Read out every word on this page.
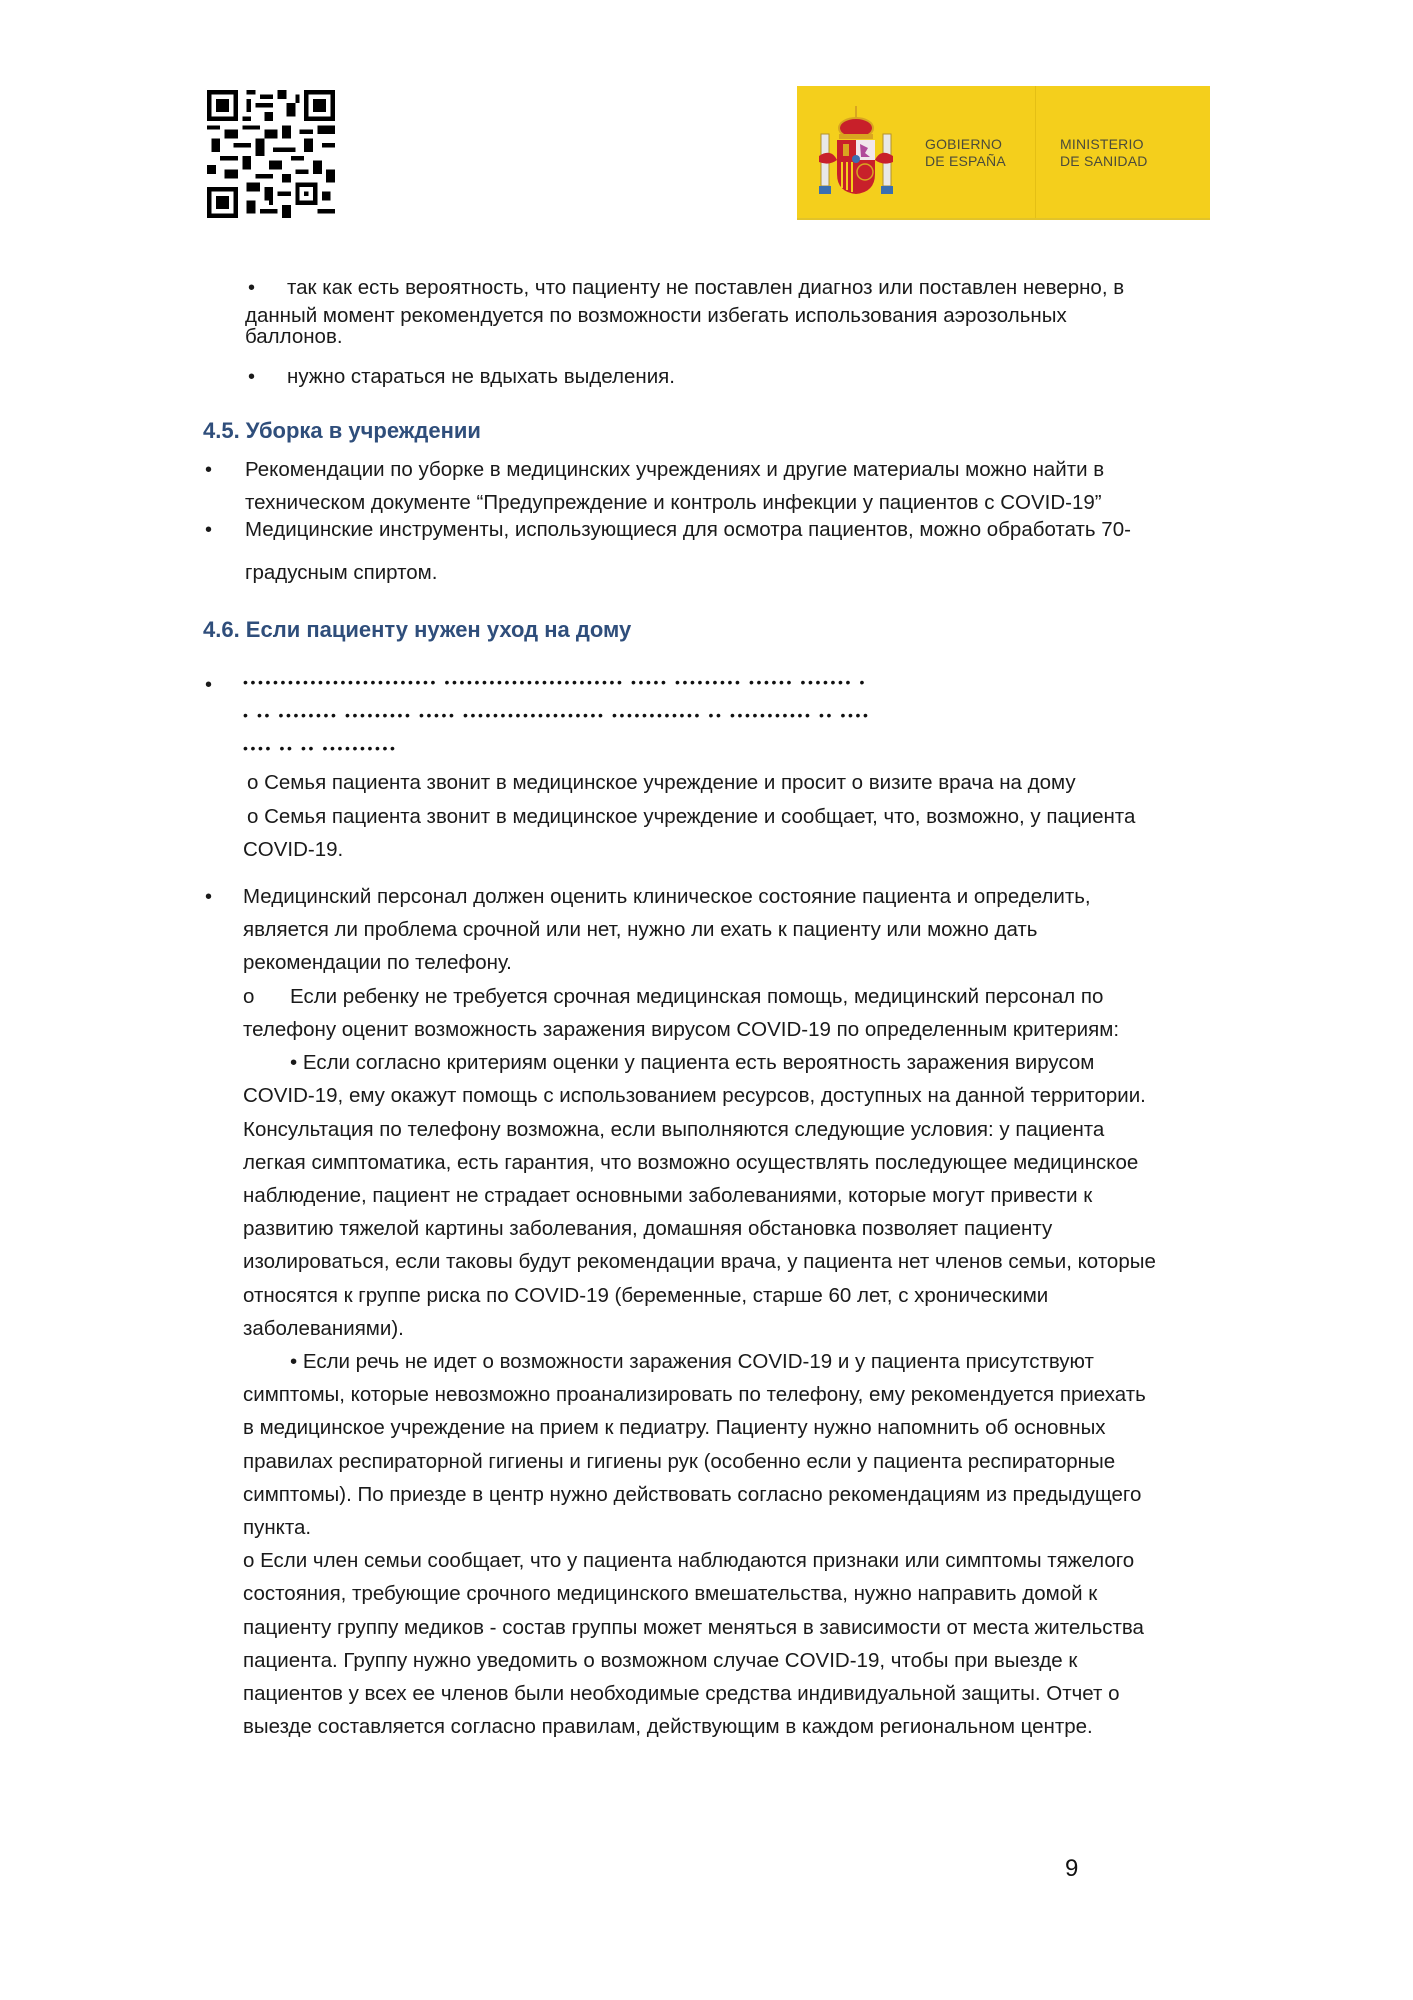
GOBIERNO
DE ESPAÑA
MINISTERIO
DE SANIDAD
• так как есть вероятность, что пациенту не поставлен диагноз или поставлен неверно, в
данный момент рекомендуется по возможности избегать использования аэрозольных
баллонов.
• нужно стараться не вдыхать выделения.
4.5. Уборка в учреждении
• Рекомендации по уборке в медицинских учреждениях и другие материалы можно найти в
техническом документе “Предупреждение и контроль инфекции у пациентов с COVID-19”
• Медицинские инструменты, использующиеся для осмотра пациентов, можно обработать 70-
градусным спиртом.
4.6. Если пациенту нужен уход на дому
• •••••••••••••••••••••••••• •••••••••••••••••••••••• ••••• ••••••••• •••••• ••••••• •
• •• •••••••• ••••••••• ••••• ••••••••••••••••••• •••••••••••• •• ••••••••••• •• ••••
•••• •• •• ••••••••••
о Семья пациента звонит в медицинское учреждение и просит о визите врача на дому
о Семья пациента звонит в медицинское учреждение и сообщает, что, возможно, у пациента
COVID-19.
• Медицинский персонал должен оценить клиническое состояние пациента и определить,
является ли проблема срочной или нет, нужно ли ехать к пациенту или можно дать
рекомендации по телефону.
о Если ребенку не требуется срочная медицинская помощь, медицинский персонал по
телефону оценит возможность заражения вирусом COVID-19 по определенным критериям:
• Если согласно критериям оценки у пациента есть вероятность заражения вирусом
COVID-19, ему окажут помощь с использованием ресурсов, доступных на данной территории.
Консультация по телефону возможна, если выполняются следующие условия: у пациента
легкая симптоматика, есть гарантия, что возможно осуществлять последующее медицинское
наблюдение, пациент не страдает основными заболеваниями, которые могут привести к
развитию тяжелой картины заболевания, домашняя обстановка позволяет пациенту
изолироваться, если таковы будут рекомендации врача, у пациента нет членов семьи, которые
относятся к группе риска по COVID-19 (беременные, старше 60 лет, с хроническими
заболеваниями).
• Если речь не идет о возможности заражения COVID-19 и у пациента присутствуют
симптомы, которые невозможно проанализировать по телефону, ему рекомендуется приехать
в медицинское учреждение на прием к педиатру. Пациенту нужно напомнить об основных
правилах респираторной гигиены и гигиены рук (особенно если у пациента респираторные
симптомы). По приезде в центр нужно действовать согласно рекомендациям из предыдущего
пункта.
о Если член семьи сообщает, что у пациента наблюдаются признаки или симптомы тяжелого
состояния, требующие срочного медицинского вмешательства, нужно направить домой к
пациенту группу медиков - состав группы может меняться в зависимости от места жительства
пациента. Группу нужно уведомить о возможном случае COVID-19, чтобы при выезде к
пациентов у всех ее членов были необходимые средства индивидуальной защиты. Отчет о
выезде составляется согласно правилам, действующим в каждом региональном центре.
9
